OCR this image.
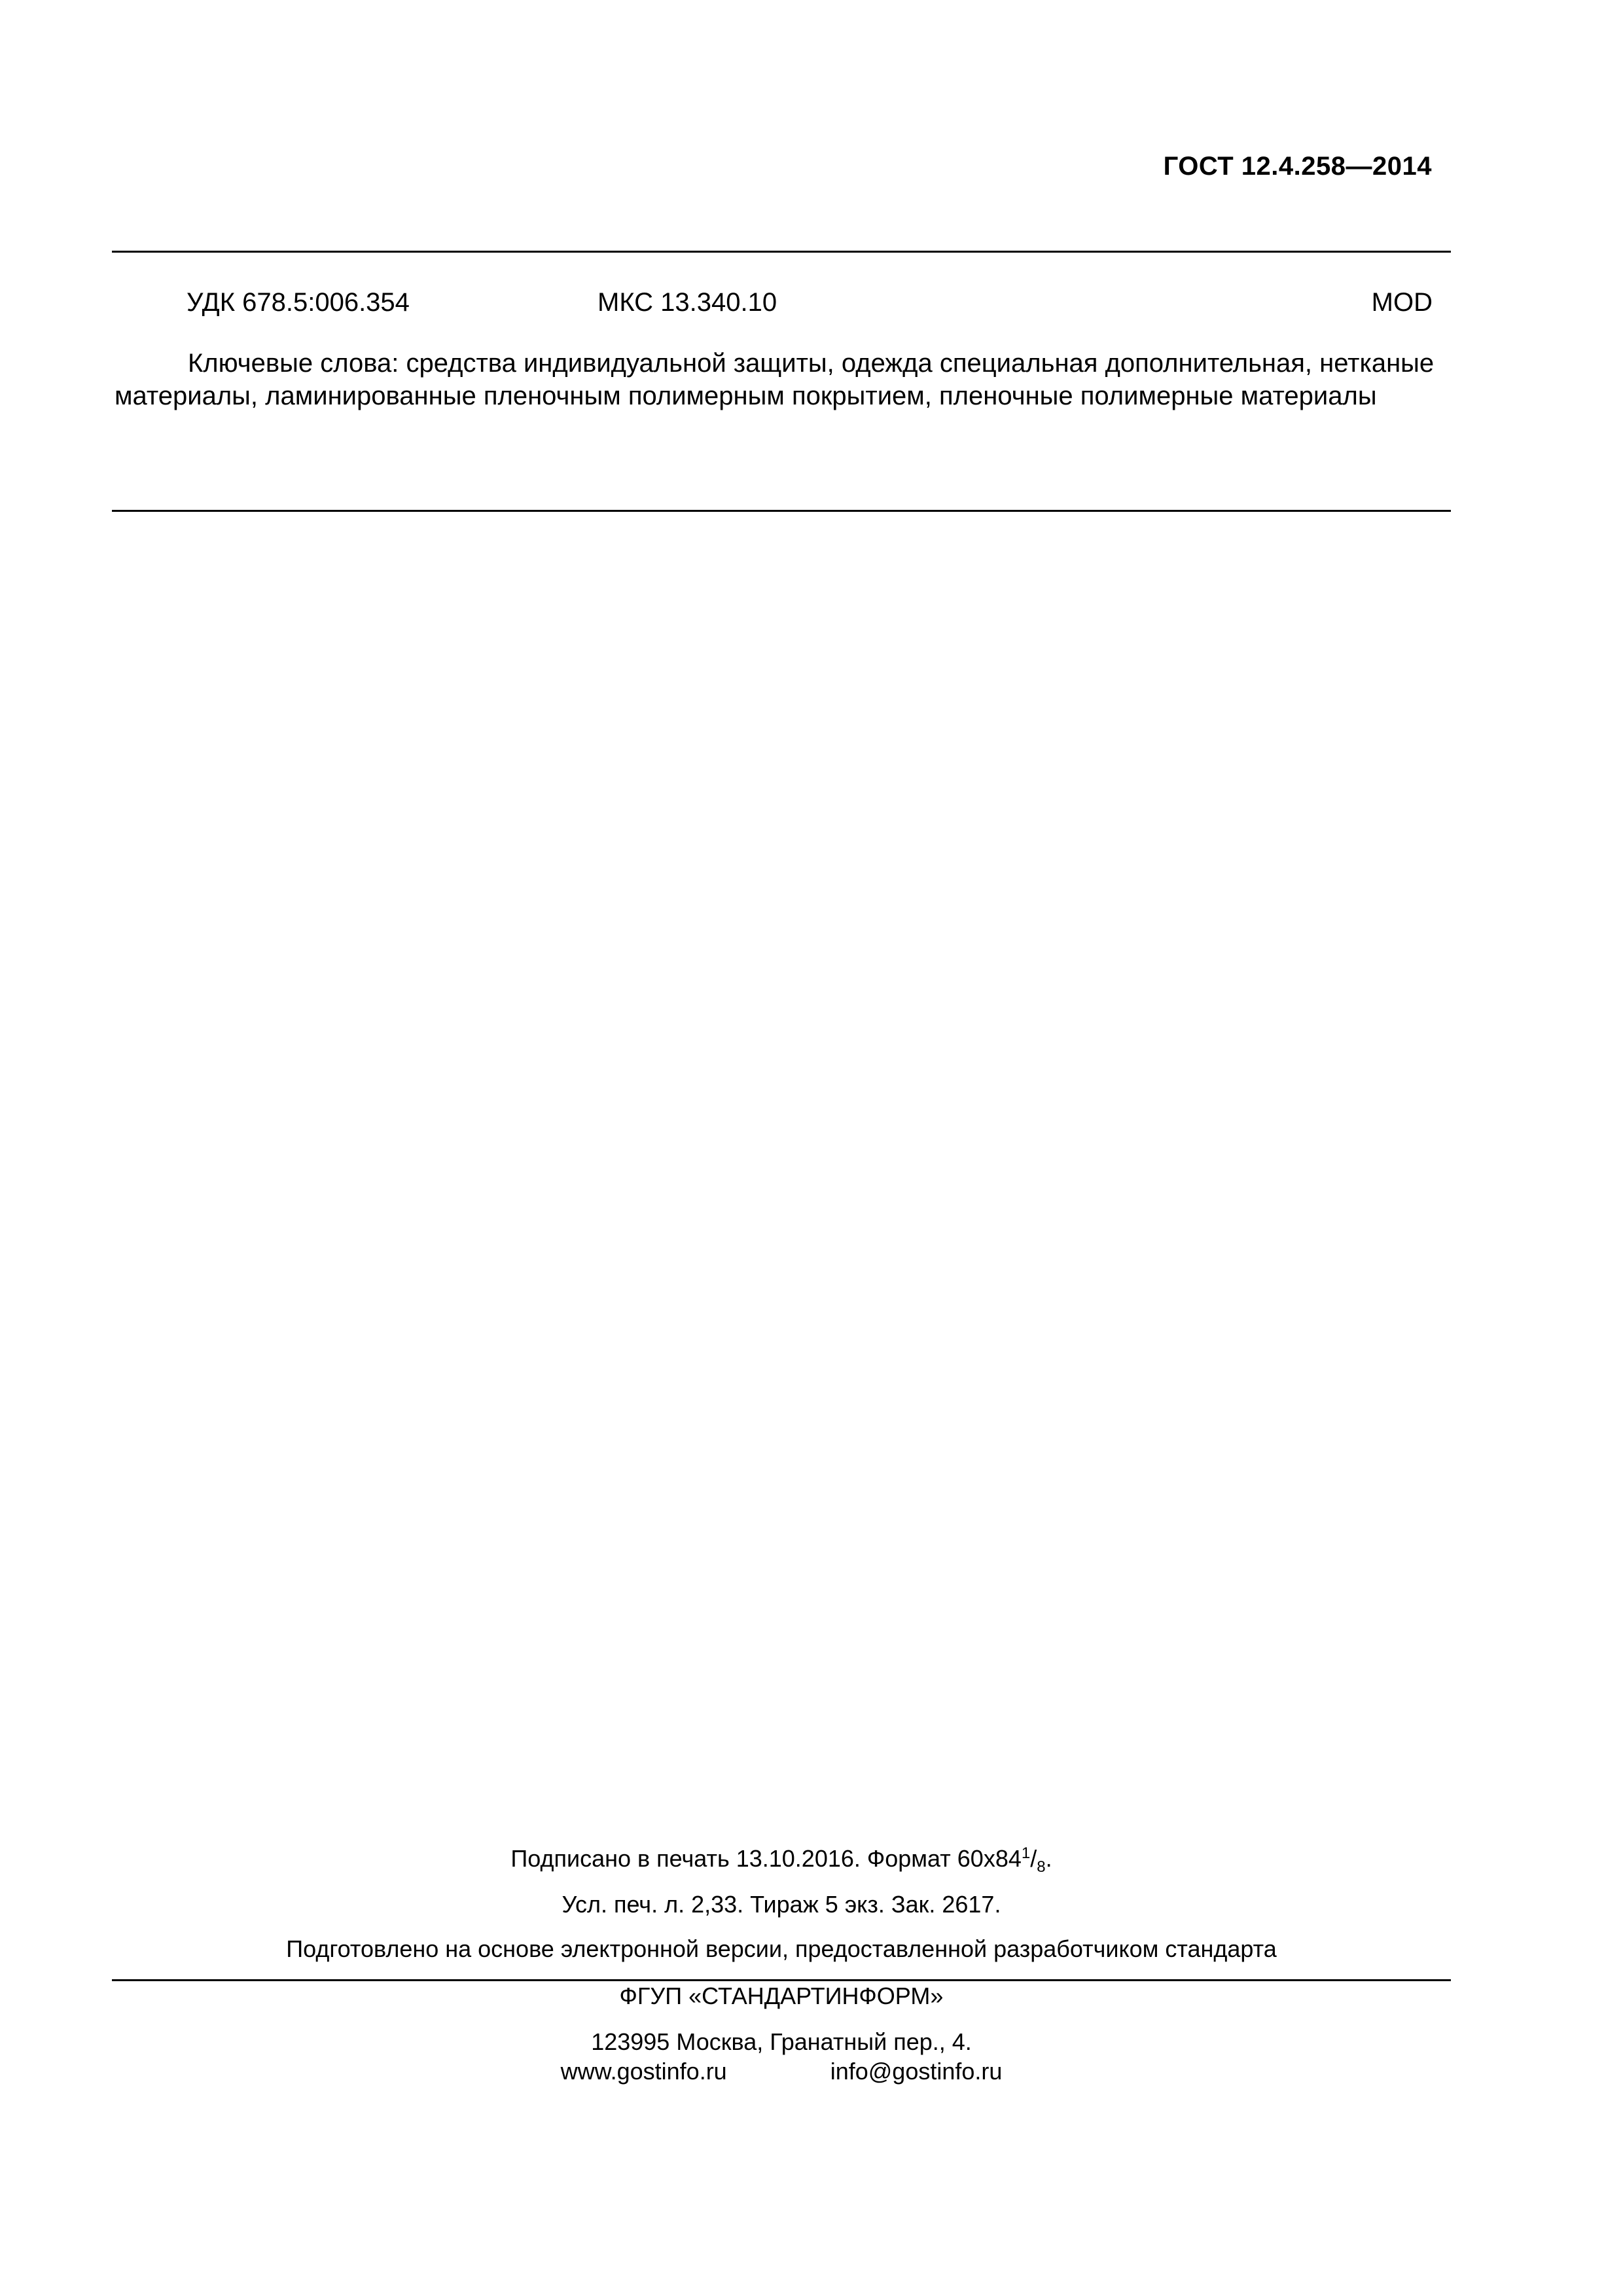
ГОСТ 12.4.258—2014
УДК 678.5:006.354	МКС 13.340.10	MOD

Ключевые слова: средства индивидуальной защиты, одежда специальная дополнительная, нетканые материалы, ламинированные пленочным полимерным покрытием, пленочные полимерные материалы

Подписано в печать 13.10.2016. Формат $60х84^1/_8$.
Усл. печ. л. 2,33. Тираж 5 экз. Зак. 2617.
Подготовлено на основе электронной версии, предоставленной разработчиком стандарта
ФГУП «СТАНДАРТИНФОРМ»
123995 Москва, Гранатный пер., 4.
www.gostinfo.ru	info@gostinfo.ru
